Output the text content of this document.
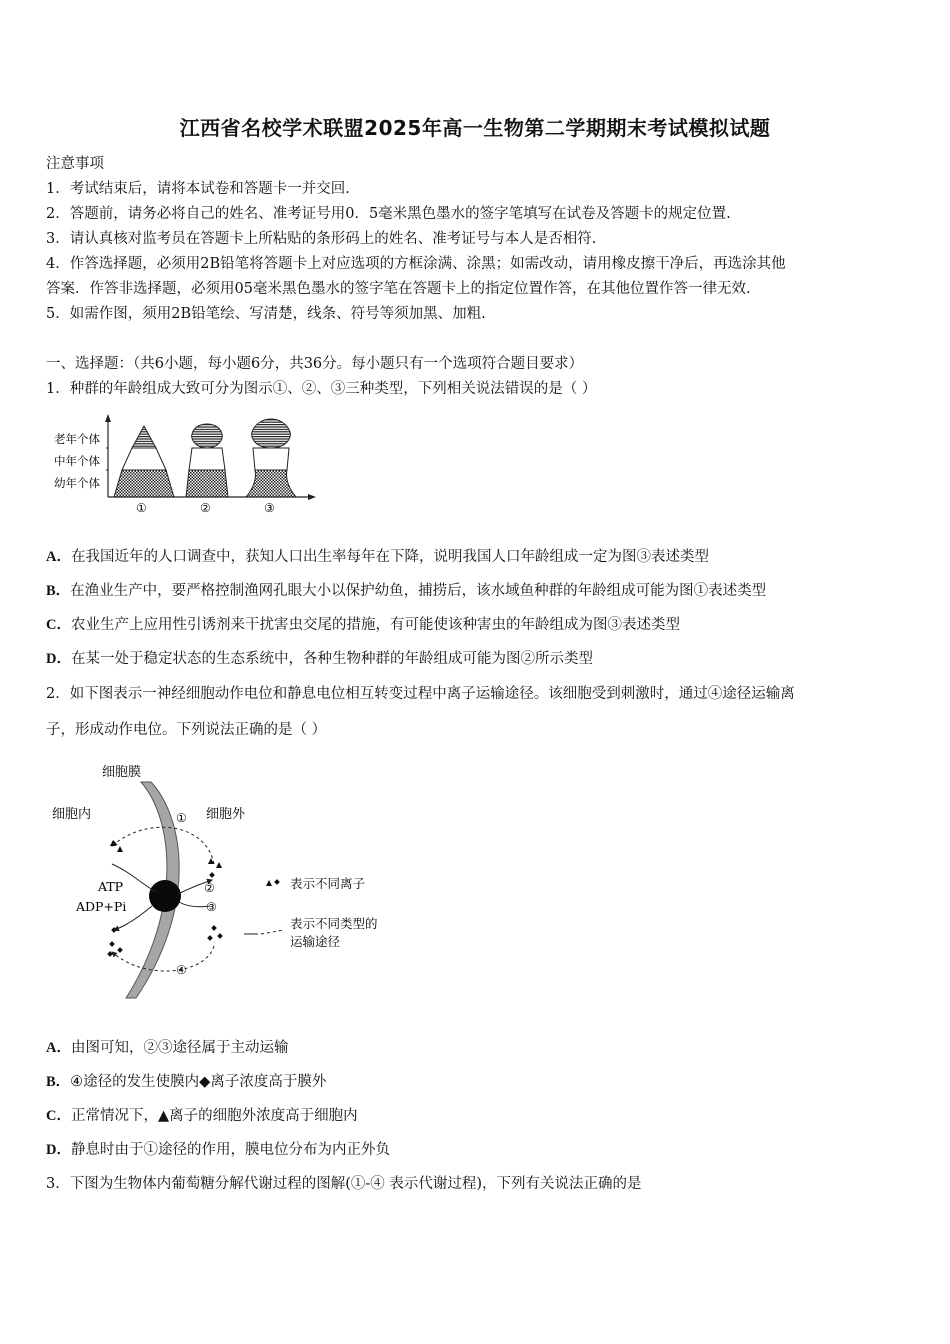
江西省名校学术联盟2025年高一生物第二学期期末考试模拟试题
注意事项
1．考试结束后，请将本试卷和答题卡一并交回.
2．答题前，请务必将自己的姓名、准考证号用0．5毫米黑色墨水的签字笔填写在试卷及答题卡的规定位置.
3．请认真核对监考员在答题卡上所粘贴的条形码上的姓名、准考证号与本人是否相符.
4．作答选择题，必须用2B铅笔将答题卡上对应选项的方框涂满、涂黑；如需改动，请用橡皮擦干净后，再选涂其他
答案．作答非选择题，必须用05毫米黑色墨水的签字笔在答题卡上的指定位置作答，在其他位置作答一律无效.
5．如需作图，须用2B铅笔绘、写清楚，线条、符号等须加黑、加粗.
一、选择题：（共6小题，每小题6分，共36分。每小题只有一个选项符合题目要求）
1．种群的年龄组成大致可分为图示①、②、③三种类型，下列相关说法错误的是（ ）
老年个体
中年个体
幼年个体
①	②	③
A．在我国近年的人口调查中，获知人口出生率每年在下降，说明我国人口年龄组成一定为图③表述类型
B．在渔业生产中，要严格控制渔网孔眼大小以保护幼鱼，捕捞后，该水域鱼种群的年龄组成可能为图①表述类型
C．农业生产上应用性引诱剂来干扰害虫交尾的措施，有可能使该种害虫的年龄组成为图③表述类型
D．在某一处于稳定状态的生态系统中，各种生物种群的年龄组成可能为图②所示类型
2．如下图表示一神经细胞动作电位和静息电位相互转变过程中离子运输途径。该细胞受到刺激时，通过④途径运输离
子，形成动作电位。下列说法正确的是（ ）
细胞膜
细胞内	细胞外
①
②
③
④
ATP
ADP+Pi
表示不同离子
表示不同类型的
运输途径
A．由图可知，②③途径属于主动运输
B．④途径的发生使膜内◆离子浓度高于膜外
C．正常情况下，▲离子的细胞外浓度高于细胞内
D．静息时由于①途径的作用，膜电位分布为内正外负
3．下图为生物体内葡萄糖分解代谢过程的图解(①-④ 表示代谢过程)，下列有关说法正确的是
